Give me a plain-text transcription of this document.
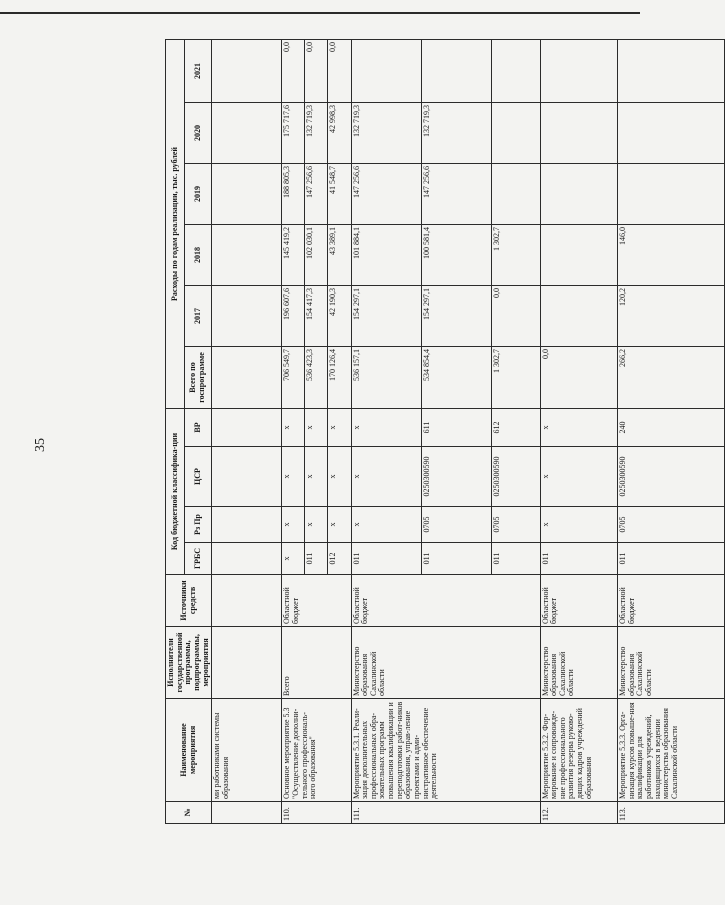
35
№	Наименование мероприятия	Исполнители государственной программы, подпрограммы, мероприятия	Источники средств	Код бюджетной классифика-ции				Расходы по годам реализации, тыс. рублей					
				ГРБС	Рз Пр	ЦСР	ВР	Всего по госпрограмме	2017	2018	2019	2020	2021
	ми работниками системы образования												
110.	Основное мероприятие 5.3 "Осуществление дополни-тельного профессиональ-ного образования"	Всего	Областной бюджет	х	х	х	х	706 549,7	196 607,6	145 419,2	188 805,3	175 717,6	0,0
				011	х	х	х	536 423,3	154 417,3	102 030,1	147 256,6	132 719,3	0,0
				012	х	х	х	170 126,4	42 190,3	43 389,1	41 548,7	42 998,3	0,0
111.	Мероприятие 5.3.1. Реали-зация дополнительных профессиональных обра-зовательных программ повышения квалификации и переподготовки работ-ников образования, управ-ление проектами и адми-нистративное обеспечение деятельности	Министерство образования Сахалинской области	Областной бюджет	011	х	х	х	536 157,1	154 297,1	101 884,1	147 256,6	132 719,3	
				011	0705	0250300590	611	534 854,4	154 297,1	100 581,4	147 256,6	132 719,3	
				011	0705	0250300590	612	1 302,7	0,0	1 302,7			
112.	Мероприятие 5.3.2. Фор-мирование и сопровожде-ние профессионального развития резерва руково-дящих кадров учреждений образования	Министерство образования Сахалинской области	Областной бюджет	011	х	х	х	0,0					
113.	Мероприятие 5.3.3. Орга-низация курсов повыше-ния квалификации для работников учреждений, находящихся в ведении министерства образования Сахалинской области	Министерство образования Сахалинской области	Областной бюджет	011	0705	0250300590	240	266,2	120,2	146,0			
